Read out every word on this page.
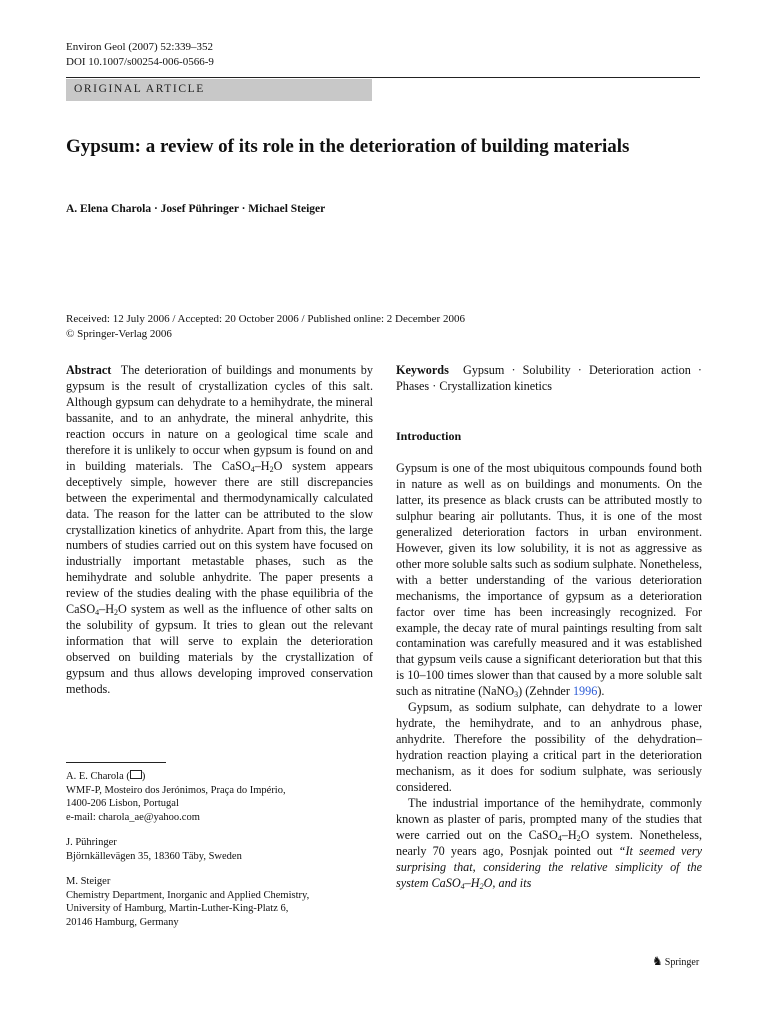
Environ Geol (2007) 52:339–352
DOI 10.1007/s00254-006-0566-9
ORIGINAL ARTICLE
Gypsum: a review of its role in the deterioration of building materials
A. Elena Charola · Josef Pühringer · Michael Steiger
Received: 12 July 2006 / Accepted: 20 October 2006 / Published online: 2 December 2006
© Springer-Verlag 2006
Abstract The deterioration of buildings and monuments by gypsum is the result of crystallization cycles of this salt. Although gypsum can dehydrate to a hemihydrate, the mineral bassanite, and to an anhydrate, the mineral anhydrite, this reaction occurs in nature on a geological time scale and therefore it is unlikely to occur when gypsum is found on and in building materials. The $CaSO_4-H_2O$ system appears deceptively simple, however there are still discrepancies between the experimental and thermodynamically calculated data. The reason for the latter can be attributed to the slow crystallization kinetics of anhydrite. Apart from this, the large numbers of studies carried out on this system have focused on industrially important metastable phases, such as the hemihydrate and soluble anhydrite. The paper presents a review of the studies dealing with the phase equilibria of the $CaSO_4-H_2O$ system as well as the influence of other salts on the solubility of gypsum. It tries to glean out the relevant information that will serve to explain the deterioration observed on building materials by the crystallization of gypsum and thus allows developing improved conservation methods.
A. E. Charola ( )
WMF-P, Mosteiro dos Jerónimos, Praça do Império,
1400-206 Lisbon, Portugal
e-mail: charola_ae@yahoo.com
J. Pühringer
Björnkällevägen 35, 18360 Täby, Sweden
M. Steiger
Chemistry Department, Inorganic and Applied Chemistry,
University of Hamburg, Martin-Luther-King-Platz 6,
20146 Hamburg, Germany
Keywords Gypsum · Solubility · Deterioration action · Phases · Crystallization kinetics
Introduction

Gypsum is one of the most ubiquitous compounds found both in nature as well as on buildings and monuments. On the latter, its presence as black crusts can be attributed mostly to sulphur bearing air pollutants. Thus, it is one of the most generalized deterioration factors in urban environment. However, given its low solubility, it is not as aggressive as other more soluble salts such as sodium sulphate. Nonetheless, with a better understanding of the various deterioration mechanisms, the importance of gypsum as a deterioration factor over time has been increasingly recognized. For example, the decay rate of mural paintings resulting from salt contamination was carefully measured and it was established that gypsum veils cause a significant deterioration but that this is 10–100 times slower than that caused by a more soluble salt such as nitratine (NaNO$_3$) (Zehnder 1996).

Gypsum, as sodium sulphate, can dehydrate to a lower hydrate, the hemihydrate, and to an anhydrous phase, anhydrite. Therefore the possibility of the dehydration–hydration reaction playing a critical part in the deterioration mechanism, as it does for sodium sulphate, was seriously considered.

The industrial importance of the hemihydrate, commonly known as plaster of paris, prompted many of the studies that were carried out on the $CaSO_4-H_2O$ system. Nonetheless, nearly 70 years ago, Posnjak pointed out “It seemed very surprising that, considering the relative simplicity of the system $CaSO_4-H_2O$, and its

♞ Springer
